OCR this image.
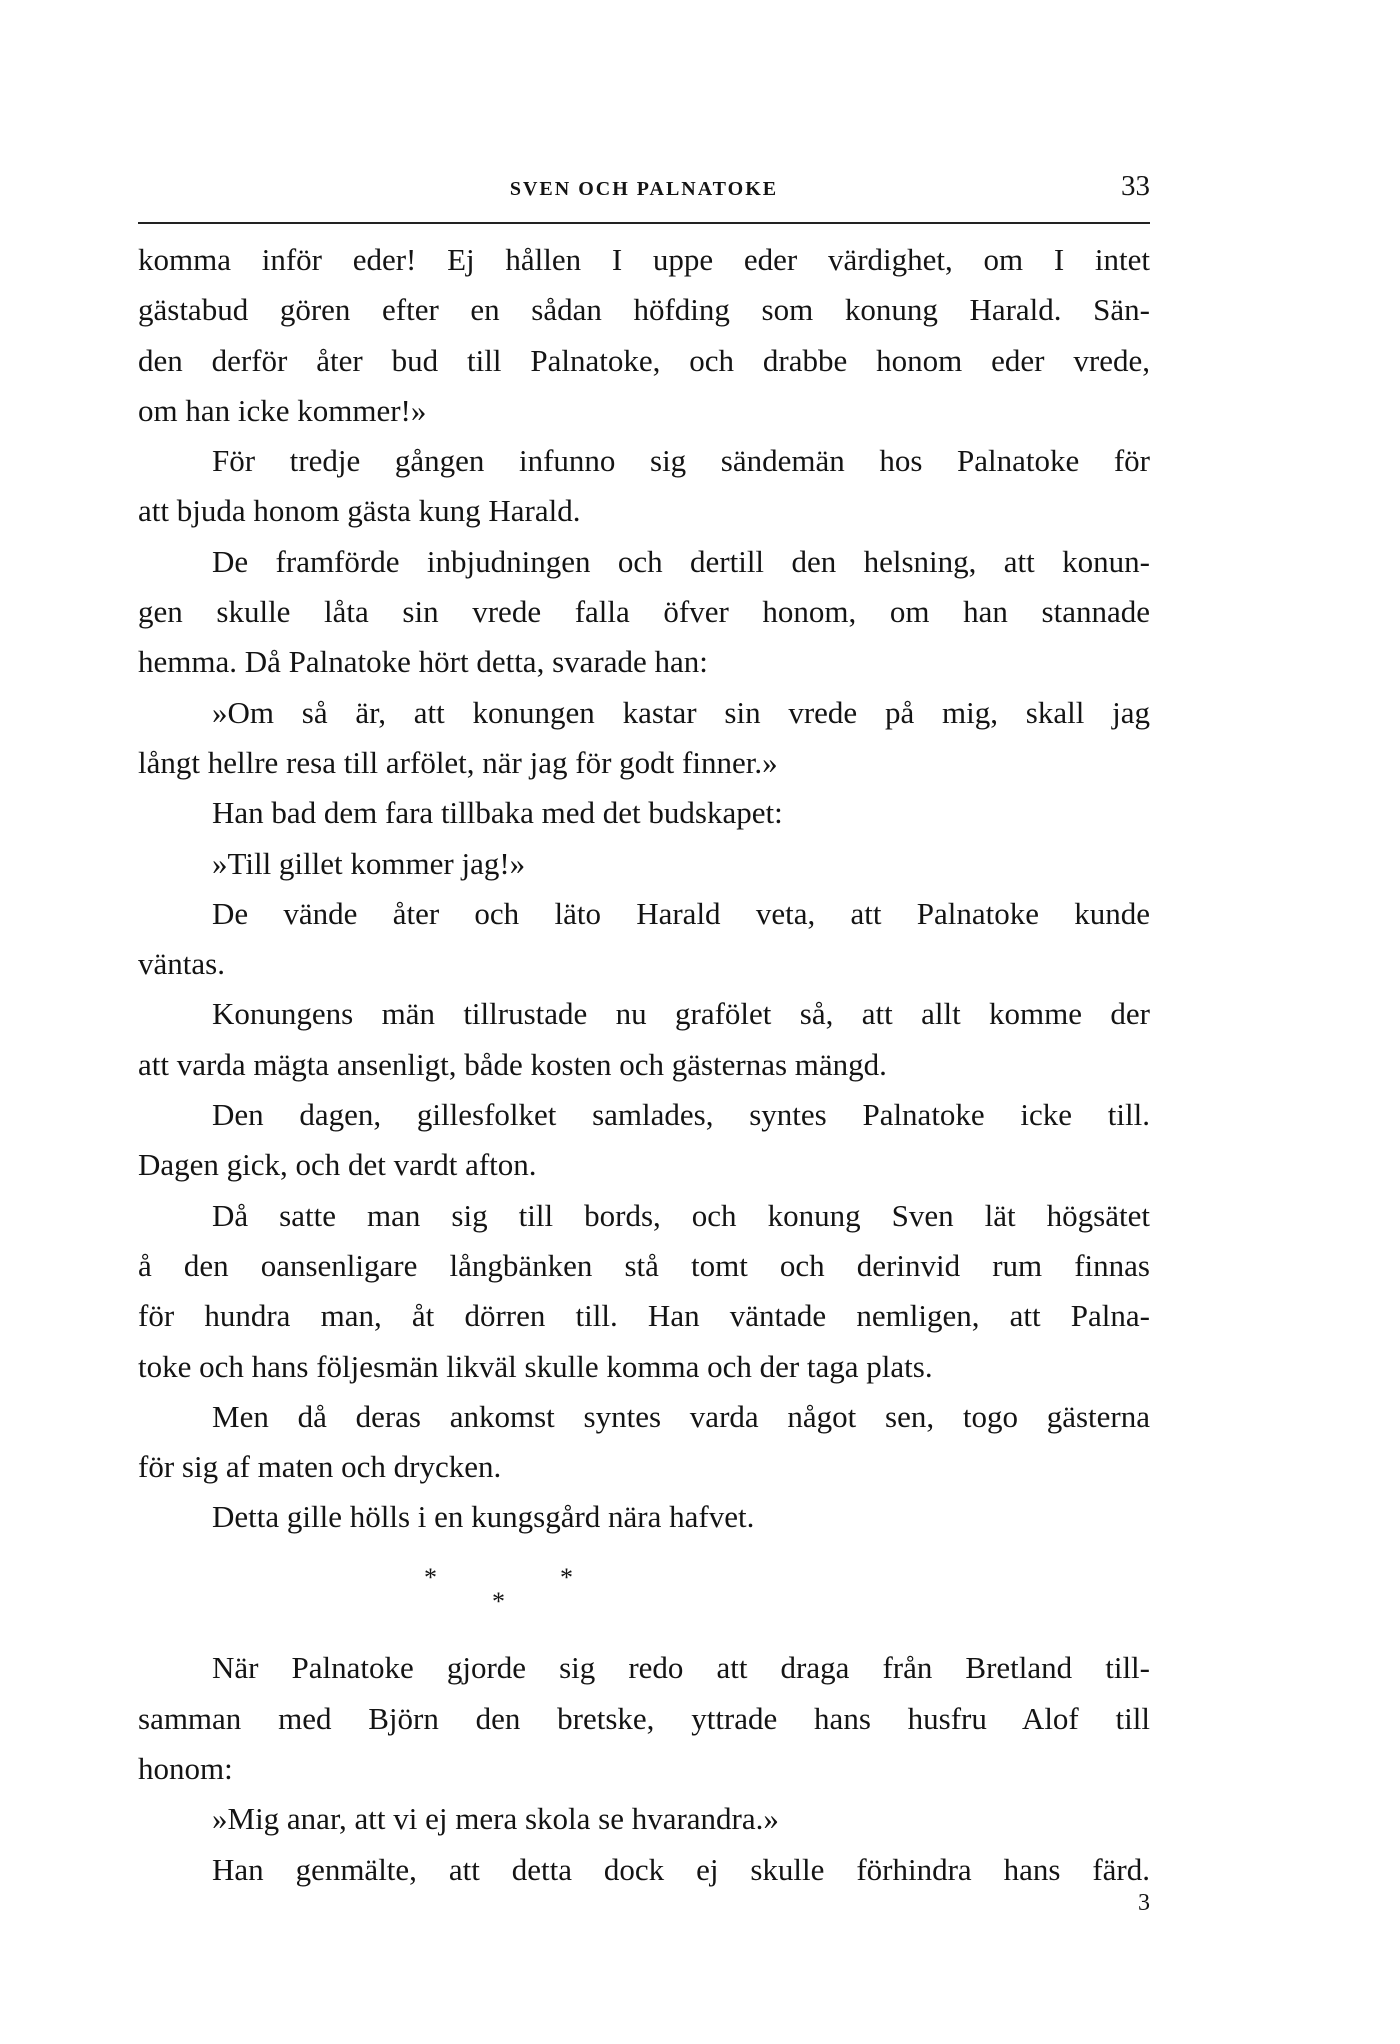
SVEN OCH PALNATOKE	33
komma inför eder! Ej hållen I uppe eder värdighet, om I intet
gästabud gören efter en sådan höfding som konung Harald. Sän-
den derför åter bud till Palnatoke, och drabbe honom eder vrede,
om han icke kommer!»
För tredje gången infunno sig sändemän hos Palnatoke för
att bjuda honom gästa kung Harald.
De framförde inbjudningen och dertill den helsning, att konun-
gen skulle låta sin vrede falla öfver honom, om han stannade
hemma. Då Palnatoke hört detta, svarade han:
»Om så är, att konungen kastar sin vrede på mig, skall jag
långt hellre resa till arfölet, när jag för godt finner.»
Han bad dem fara tillbaka med det budskapet:
»Till gillet kommer jag!»
De vände åter och läto Harald veta, att Palnatoke kunde
väntas.
Konungens män tillrustade nu grafölet så, att allt komme der
att varda mägta ansenligt, både kosten och gästernas mängd.
Den dagen, gillesfolket samlades, syntes Palnatoke icke till.
Dagen gick, och det vardt afton.
Då satte man sig till bords, och konung Sven lät högsätet
å den oansenligare långbänken stå tomt och derinvid rum finnas
för hundra man, åt dörren till. Han väntade nemligen, att Palna-
toke och hans följesmän likväl skulle komma och der taga plats.
Men då deras ankomst syntes varda något sen, togo gästerna
för sig af maten och drycken.
Detta gille hölls i en kungsgård nära hafvet.
*	*
*
När Palnatoke gjorde sig redo att draga från Bretland till-
samman med Björn den bretske, yttrade hans husfru Alof till
honom:
»Mig anar, att vi ej mera skola se hvarandra.»
Han genmälte, att detta dock ej skulle förhindra hans färd.
3
